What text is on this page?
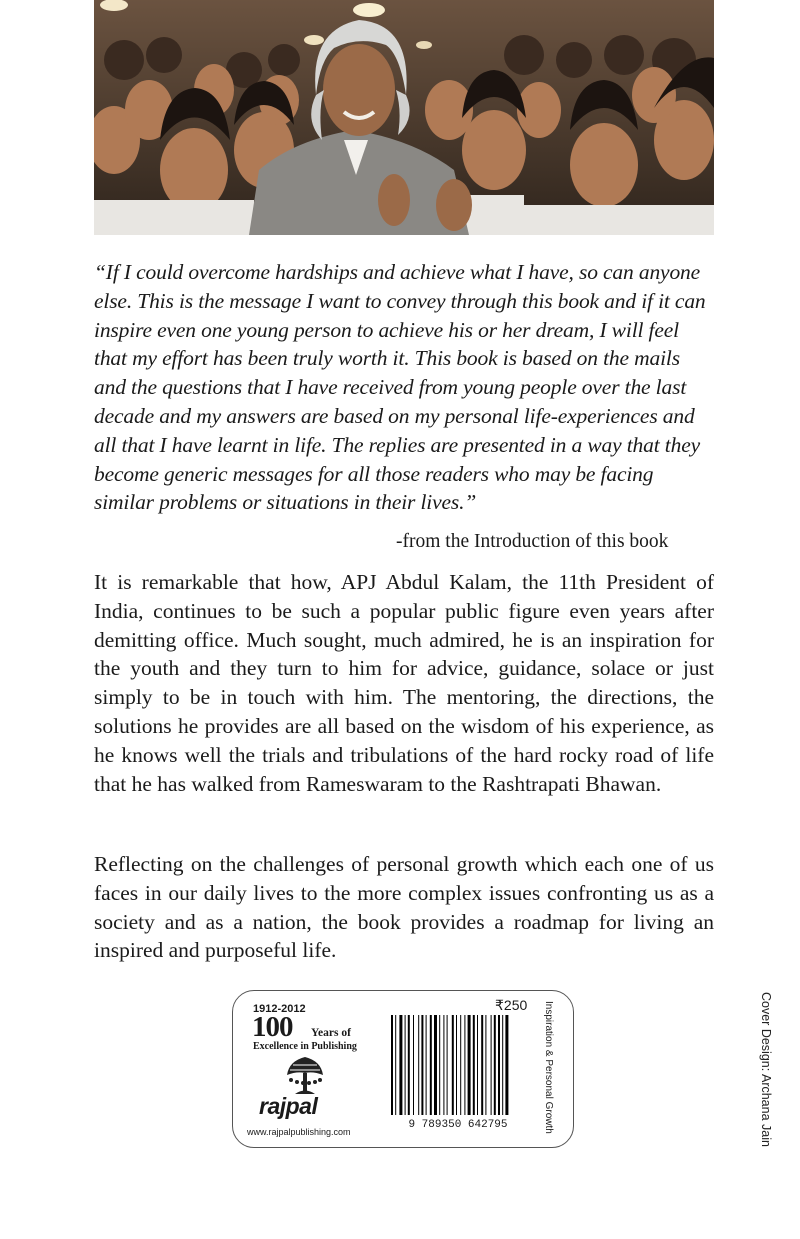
“If I could overcome hardships and achieve what I have, so can anyone else. This is the message I want to convey through this book and if it can inspire even one young person to achieve his or her dream, I will feel that my effort has been truly worth it. This book is based on the mails and the questions that I have received from young people over the last decade and my answers are based on my personal life-experiences and all that I have learnt in life. The replies are presented in a way that they become generic messages for all those readers who may be facing similar problems or situations in their lives.”

-from the Introduction of this book

It is remarkable that how, APJ Abdul Kalam, the 11th President of India, continues to be such a popular public figure even years after demitting office. Much sought, much admired, he is an inspiration for the youth and they turn to him for advice, guidance, solace or just simply to be in touch with him. The mentoring, the directions, the solutions he provides are all based on the wisdom of his experience, as he knows well the trials and tribulations of the hard rocky road of life that he has walked from Rameswaram to the Rashtrapati Bhawan.

Reflecting on the challenges of personal growth which each one of us faces in our daily lives to the more complex issues confronting us as a society and as a nation, the book provides a roadmap for living an inspired and purposeful life.

1912-2012
100 Years of
Excellence in Publishing
rajpal
www.rajpalpublishing.com
₹250
9 789350 642795	Inspiration & Personal Growth	Cover Design: Archana Jain
